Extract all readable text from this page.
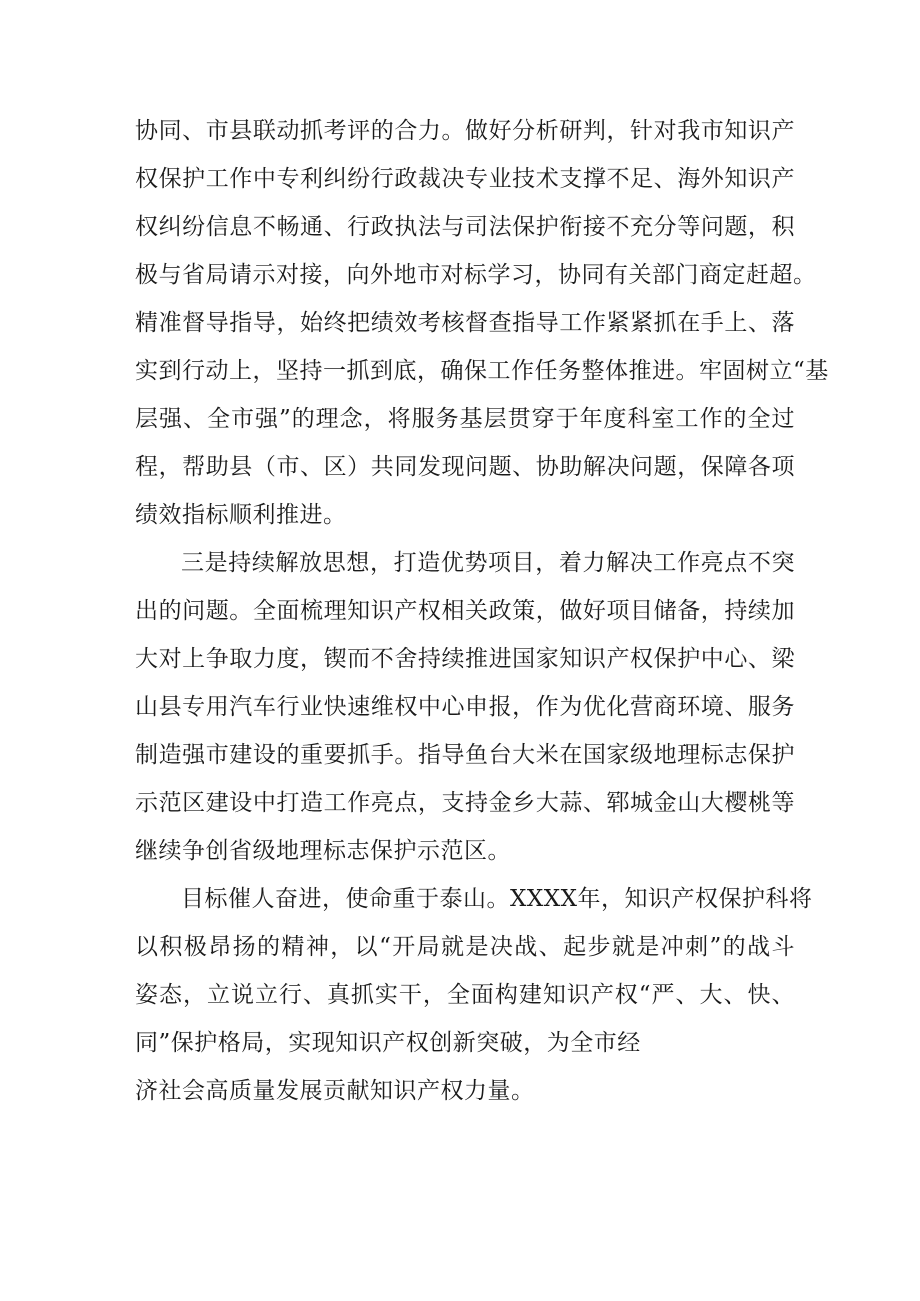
协同、市县联动抓考评的合力。做好分析研判，针对我市知识产
权保护工作中专利纠纷行政裁决专业技术支撑不足、海外知识产
权纠纷信息不畅通、行政执法与司法保护衔接不充分等问题，积
极与省局请示对接，向外地市对标学习，协同有关部门商定赶超。
精准督导指导，始终把绩效考核督查指导工作紧紧抓在手上、落
实到行动上，坚持一抓到底，确保工作任务整体推进。牢固树立“基
层强、全市强”的理念，将服务基层贯穿于年度科室工作的全过
程，帮助县（市、区）共同发现问题、协助解决问题，保障各项
绩效指标顺利推进。
三是持续解放思想，打造优势项目，着力解决工作亮点不突
出的问题。全面梳理知识产权相关政策，做好项目储备，持续加
大对上争取力度，锲而不舍持续推进国家知识产权保护中心、梁
山县专用汽车行业快速维权中心申报，作为优化营商环境、服务
制造强市建设的重要抓手。指导鱼台大米在国家级地理标志保护
示范区建设中打造工作亮点，支持金乡大蒜、郓城金山大樱桃等
继续争创省级地理标志保护示范区。
目标催人奋进，使命重于泰山。XXXX年，知识产权保护科将
以积极昂扬的精神，以“开局就是决战、起步就是冲刺”的战斗
姿态，立说立行、真抓实干，全面构建知识产权“严、大、快、
同”保护格局，实现知识产权创新突破，为全市经
济社会高质量发展贡献知识产权力量。
